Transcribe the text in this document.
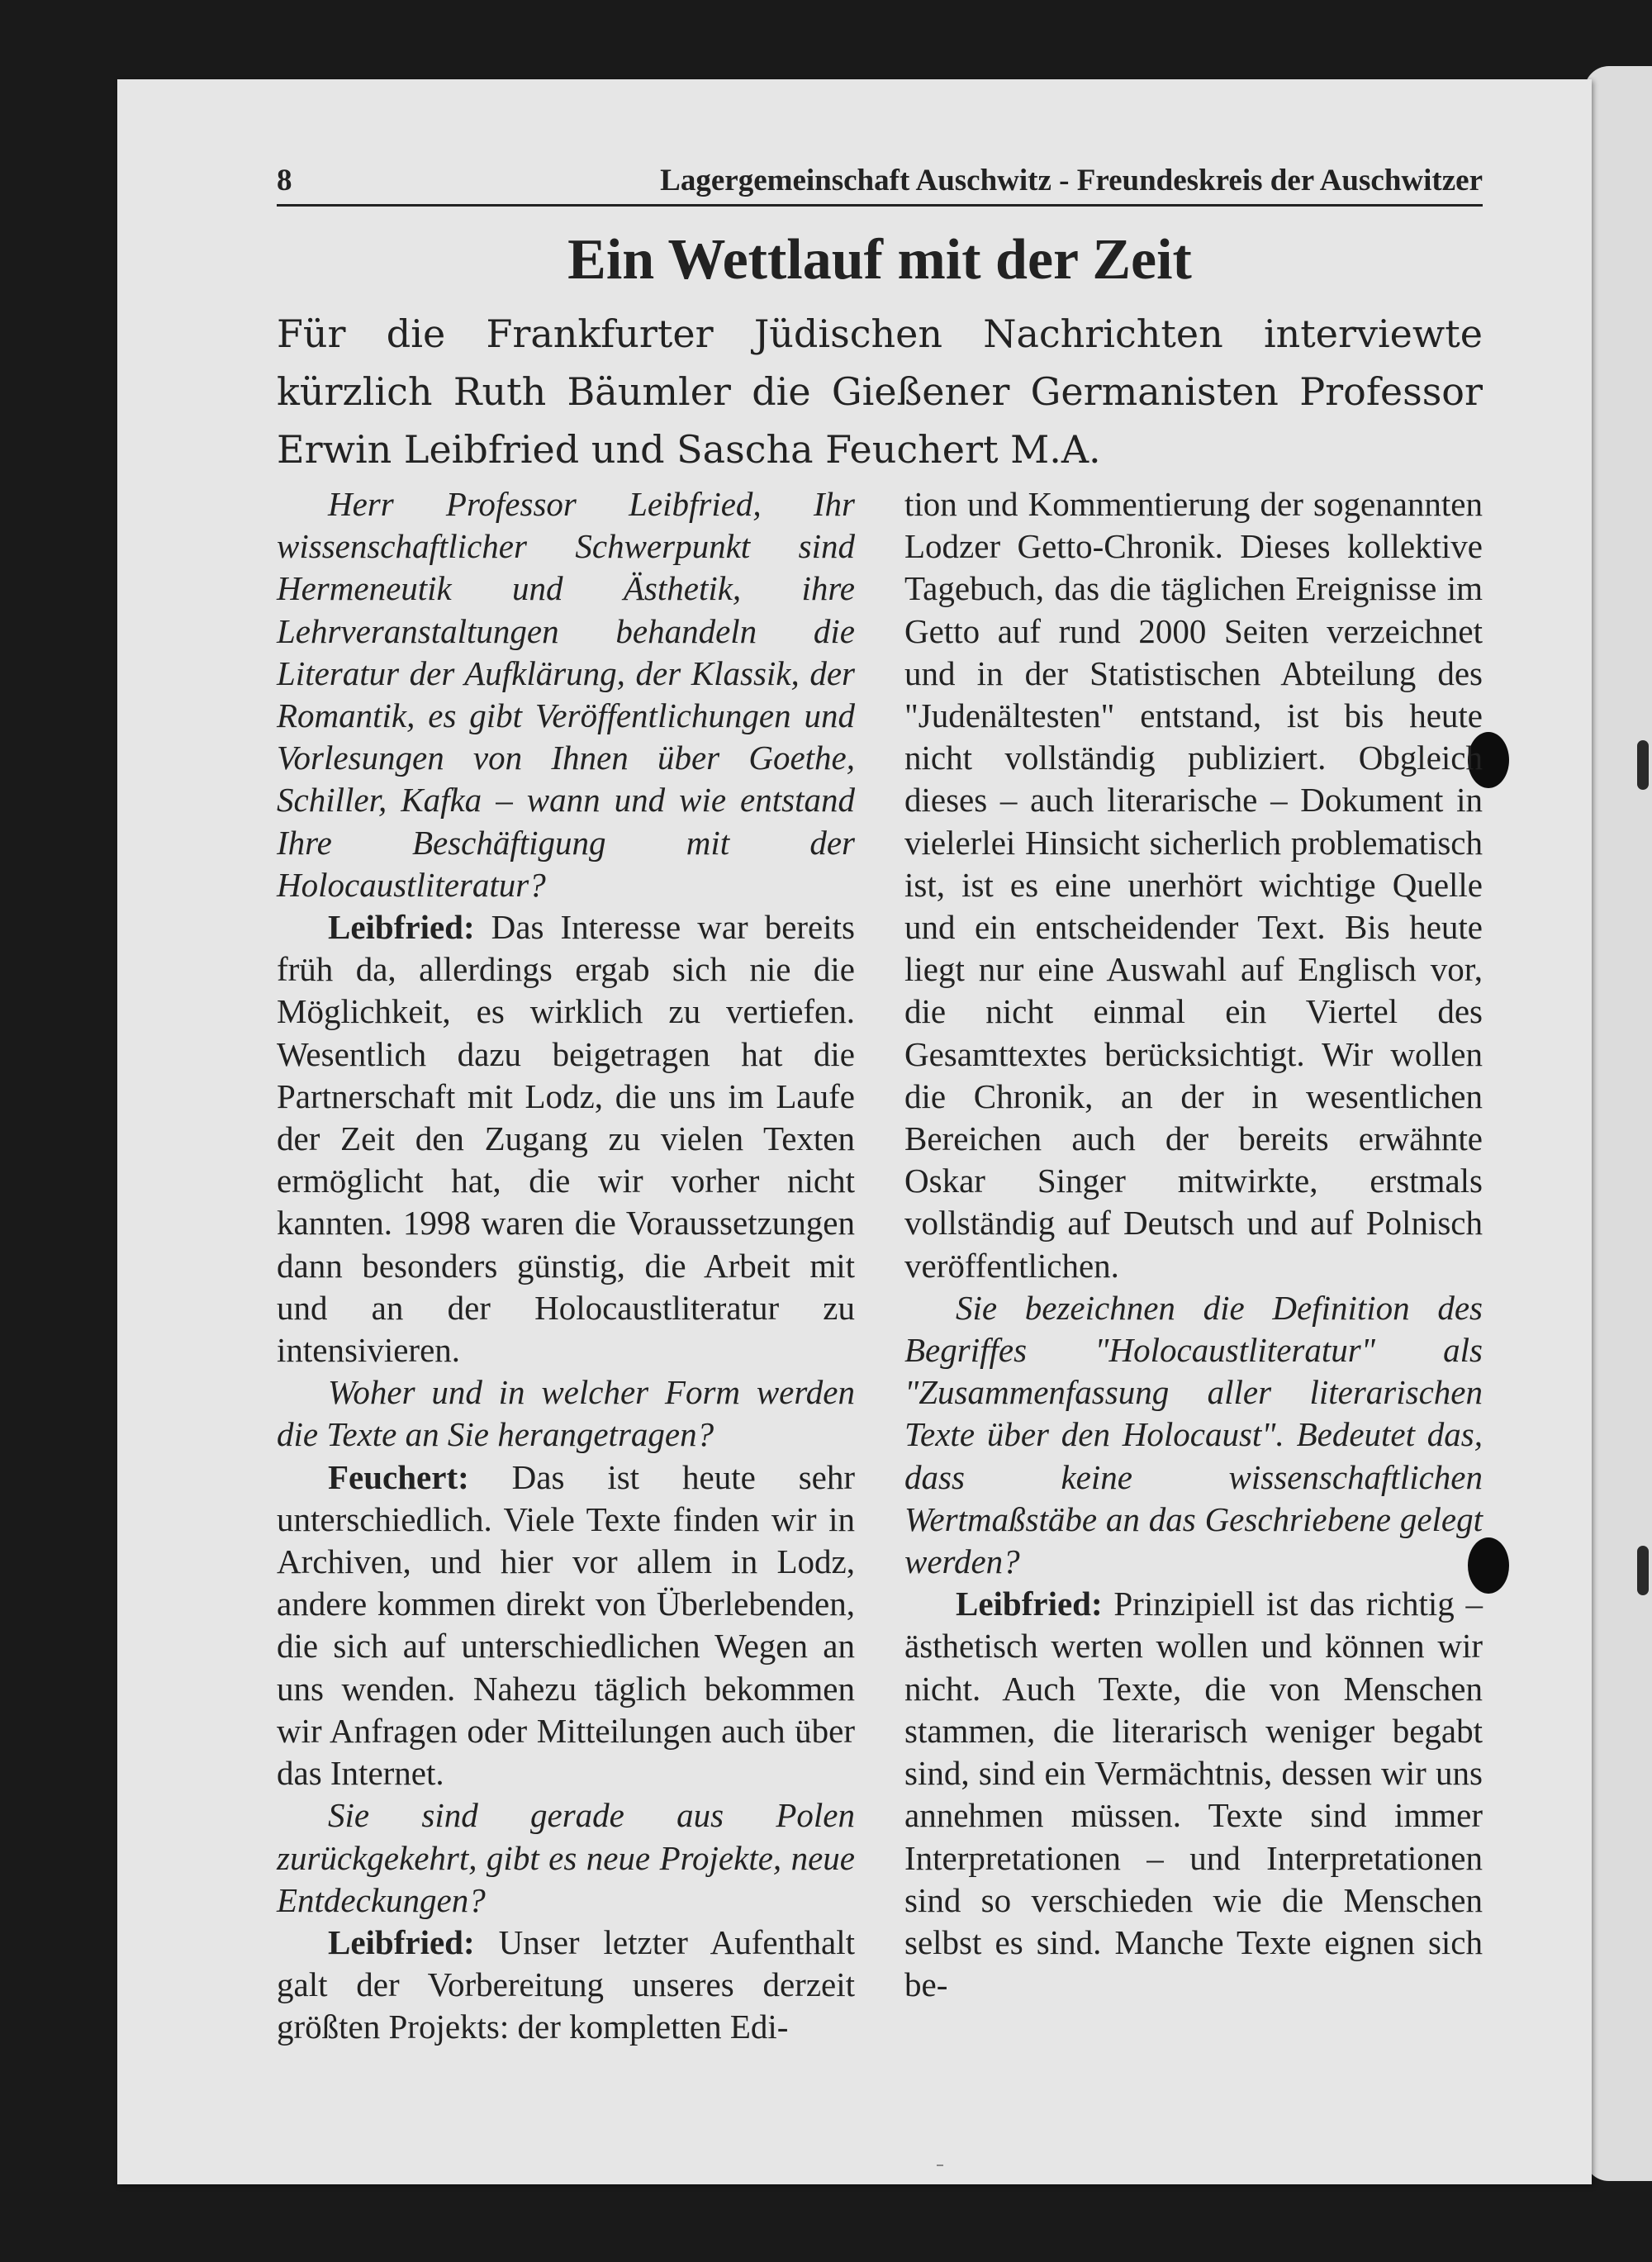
8	Lagergemeinschaft Auschwitz - Freundeskreis der Auschwitzer
Ein Wettlauf mit der Zeit
Für die Frankfurter Jüdischen Nachrichten interviewte kürzlich Ruth Bäumler die Gießener Germanisten Professor Erwin Leibfried und Sascha Feuchert M.A.

Herr Professor Leibfried, Ihr wissenschaftlicher Schwerpunkt sind Hermeneutik und Ästhetik, ihre Lehrveranstaltungen behandeln die Literatur der Aufklärung, der Klassik, der Romantik, es gibt Veröffentlichungen und Vorlesungen von Ihnen über Goethe, Schiller, Kafka – wann und wie entstand Ihre Beschäftigung mit der Holocaustliteratur?

Leibfried: Das Interesse war bereits früh da, allerdings ergab sich nie die Möglichkeit, es wirklich zu vertiefen. Wesentlich dazu beigetragen hat die Partnerschaft mit Lodz, die uns im Laufe der Zeit den Zugang zu vielen Texten ermöglicht hat, die wir vorher nicht kannten. 1998 waren die Voraussetzungen dann besonders günstig, die Arbeit mit und an der Holocaustliteratur zu intensivieren.

Woher und in welcher Form werden die Texte an Sie herangetragen?

Feuchert: Das ist heute sehr unterschiedlich. Viele Texte finden wir in Archiven, und hier vor allem in Lodz, andere kommen direkt von Überlebenden, die sich auf unterschiedlichen Wegen an uns wenden. Nahezu täglich bekommen wir Anfragen oder Mitteilungen auch über das Internet.

Sie sind gerade aus Polen zurückgekehrt, gibt es neue Projekte, neue Entdeckungen?

Leibfried: Unser letzter Aufenthalt galt der Vorbereitung unseres derzeit größten Projekts: der kompletten Edi-

tion und Kommentierung der sogenannten Lodzer Getto-Chronik. Dieses kollektive Tagebuch, das die täglichen Ereignisse im Getto auf rund 2000 Seiten verzeichnet und in der Statistischen Abteilung des "Judenältesten" entstand, ist bis heute nicht vollständig publiziert. Obgleich dieses – auch literarische – Dokument in vielerlei Hinsicht sicherlich problematisch ist, ist es eine unerhört wichtige Quelle und ein entscheidender Text. Bis heute liegt nur eine Auswahl auf Englisch vor, die nicht einmal ein Viertel des Gesamttextes berücksichtigt. Wir wollen die Chronik, an der in wesentlichen Bereichen auch der bereits erwähnte Oskar Singer mitwirkte, erstmals vollständig auf Deutsch und auf Polnisch veröffentlichen.

Sie bezeichnen die Definition des Begriffes "Holocaustliteratur" als "Zusammenfassung aller literarischen Texte über den Holocaust". Bedeutet das, dass keine wissenschaftlichen Wertmaßstäbe an das Geschriebene gelegt werden?

Leibfried: Prinzipiell ist das richtig – ästhetisch werten wollen und können wir nicht. Auch Texte, die von Menschen stammen, die literarisch weniger begabt sind, sind ein Vermächtnis, dessen wir uns annehmen müssen. Texte sind immer Interpretationen – und Interpretationen sind so verschieden wie die Menschen selbst es sind. Manche Texte eignen sich be-
